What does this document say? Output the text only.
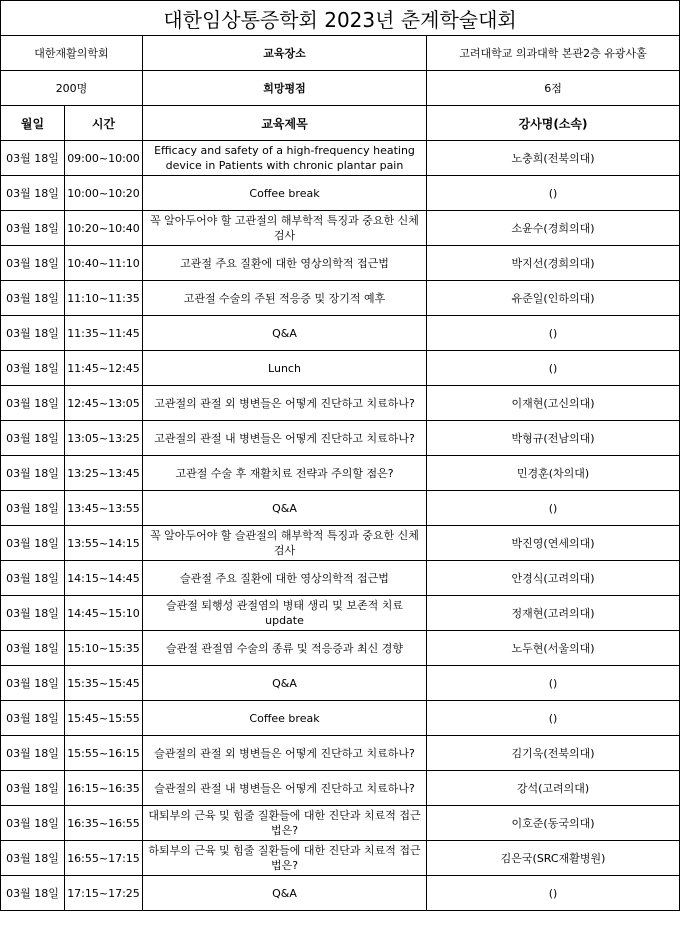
대한임상통증학회 2023년 춘계학술대회			
대한재활의학회		교육장소	고려대학교 의과대학 본관2층 유광사홀
200명		희망평점	6점
월일	시간	교육제목	강사명(소속)
03월 18일	09:00~10:00	Efficacy and safety of a high-frequency heating device in Patients with chronic plantar pain	노충희(전북의대)
03월 18일	10:00~10:20	Coffee break	()
03월 18일	10:20~10:40	꼭 알아두어야 할 고관절의 해부학적 특징과 중요한 신체 검사	소윤수(경희의대)
03월 18일	10:40~11:10	고관절 주요 질환에 대한 영상의학적 접근법	박지선(경희의대)
03월 18일	11:10~11:35	고관절 수술의 주된 적응증 및 장기적 예후	유준일(인하의대)
03월 18일	11:35~11:45	Q&A	()
03월 18일	11:45~12:45	Lunch	()
03월 18일	12:45~13:05	고관절의 관절 외 병변들은 어떻게 진단하고 치료하나?	이재현(고신의대)
03월 18일	13:05~13:25	고관절의 관절 내 병변들은 어떻게 진단하고 치료하나?	박형규(전남의대)
03월 18일	13:25~13:45	고관절 수술 후 재활치료 전략과 주의할 점은?	민경훈(차의대)
03월 18일	13:45~13:55	Q&A	()
03월 18일	13:55~14:15	꼭 알아두어야 할 슬관절의 해부학적 특징과 중요한 신체 검사	박진영(연세의대)
03월 18일	14:15~14:45	슬관절 주요 질환에 대한 영상의학적 접근법	안경식(고려의대)
03월 18일	14:45~15:10	슬관절 퇴행성 관절염의 병태 생리 및 보존적 치료 update	정재현(고려의대)
03월 18일	15:10~15:35	슬관절 관절염 수술의 종류 및 적응증과 최신 경향	노두현(서울의대)
03월 18일	15:35~15:45	Q&A	()
03월 18일	15:45~15:55	Coffee break	()
03월 18일	15:55~16:15	슬관절의 관절 외 병변들은 어떻게 진단하고 치료하나?	김기욱(전북의대)
03월 18일	16:15~16:35	슬관절의 관절 내 병변들은 어떻게 진단하고 치료하나?	강석(고려의대)
03월 18일	16:35~16:55	대퇴부의 근육 및 힘줄 질환들에 대한 진단과 치료적 접근법은?	이호준(동국의대)
03월 18일	16:55~17:15	하퇴부의 근육 및 힘줄 질환들에 대한 진단과 치료적 접근법은?	김은국(SRC재활병원)
03월 18일	17:15~17:25	Q&A	()
